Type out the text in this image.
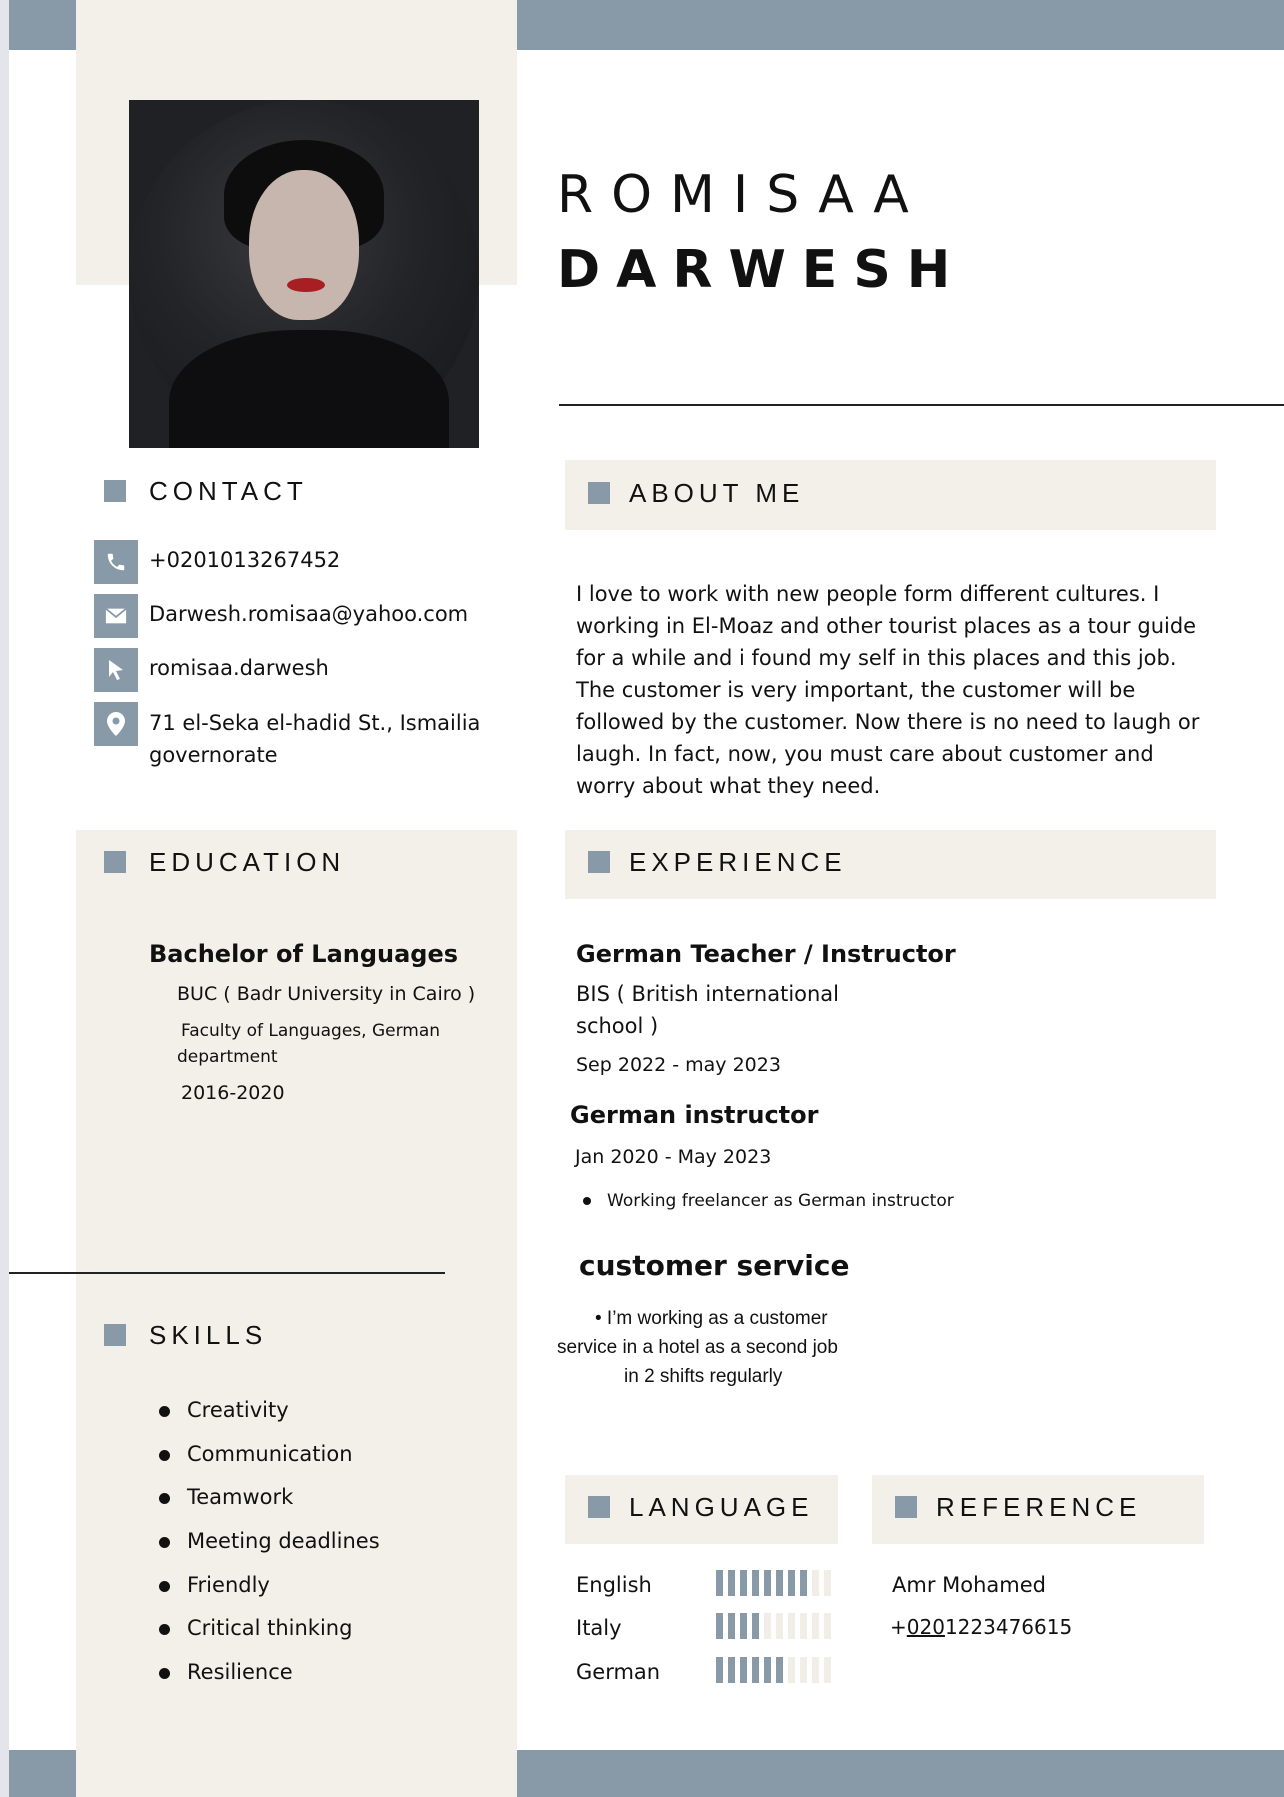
ROMISAA
DARWESH
CONTACT
+0201013267452
Darwesh.romisaa@yahoo.com
romisaa.darwesh
71 el-Seka el-hadid St., Ismailia
governorate
ABOUT ME
I love to work with new people form different cultures. I working in El-Moaz and other tourist places as a tour guide for a while and i found my self in this places and this job. The customer is very important, the customer will be followed by the customer. Now there is no need to laugh or laugh. In fact, now, you must care about customer and worry about what they need.
EDUCATION
Bachelor of Languages
BUC ( Badr University in Cairo )
Faculty of Languages, German
department
2016-2020
SKILLS
Creativity
Communication
Teamwork
Meeting deadlines
Friendly
Critical thinking
Resilience
EXPERIENCE
German Teacher / Instructor
BIS ( British international
school )
Sep 2022 - may 2023
German instructor
Jan 2020 - May 2023
Working freelancer as German instructor
customer service
• I’m working as a customer
service in a hotel as a second job
in 2 shifts regularly
LANGUAGE
English
Italy
German
REFERENCE
Amr Mohamed
+0201223476615
